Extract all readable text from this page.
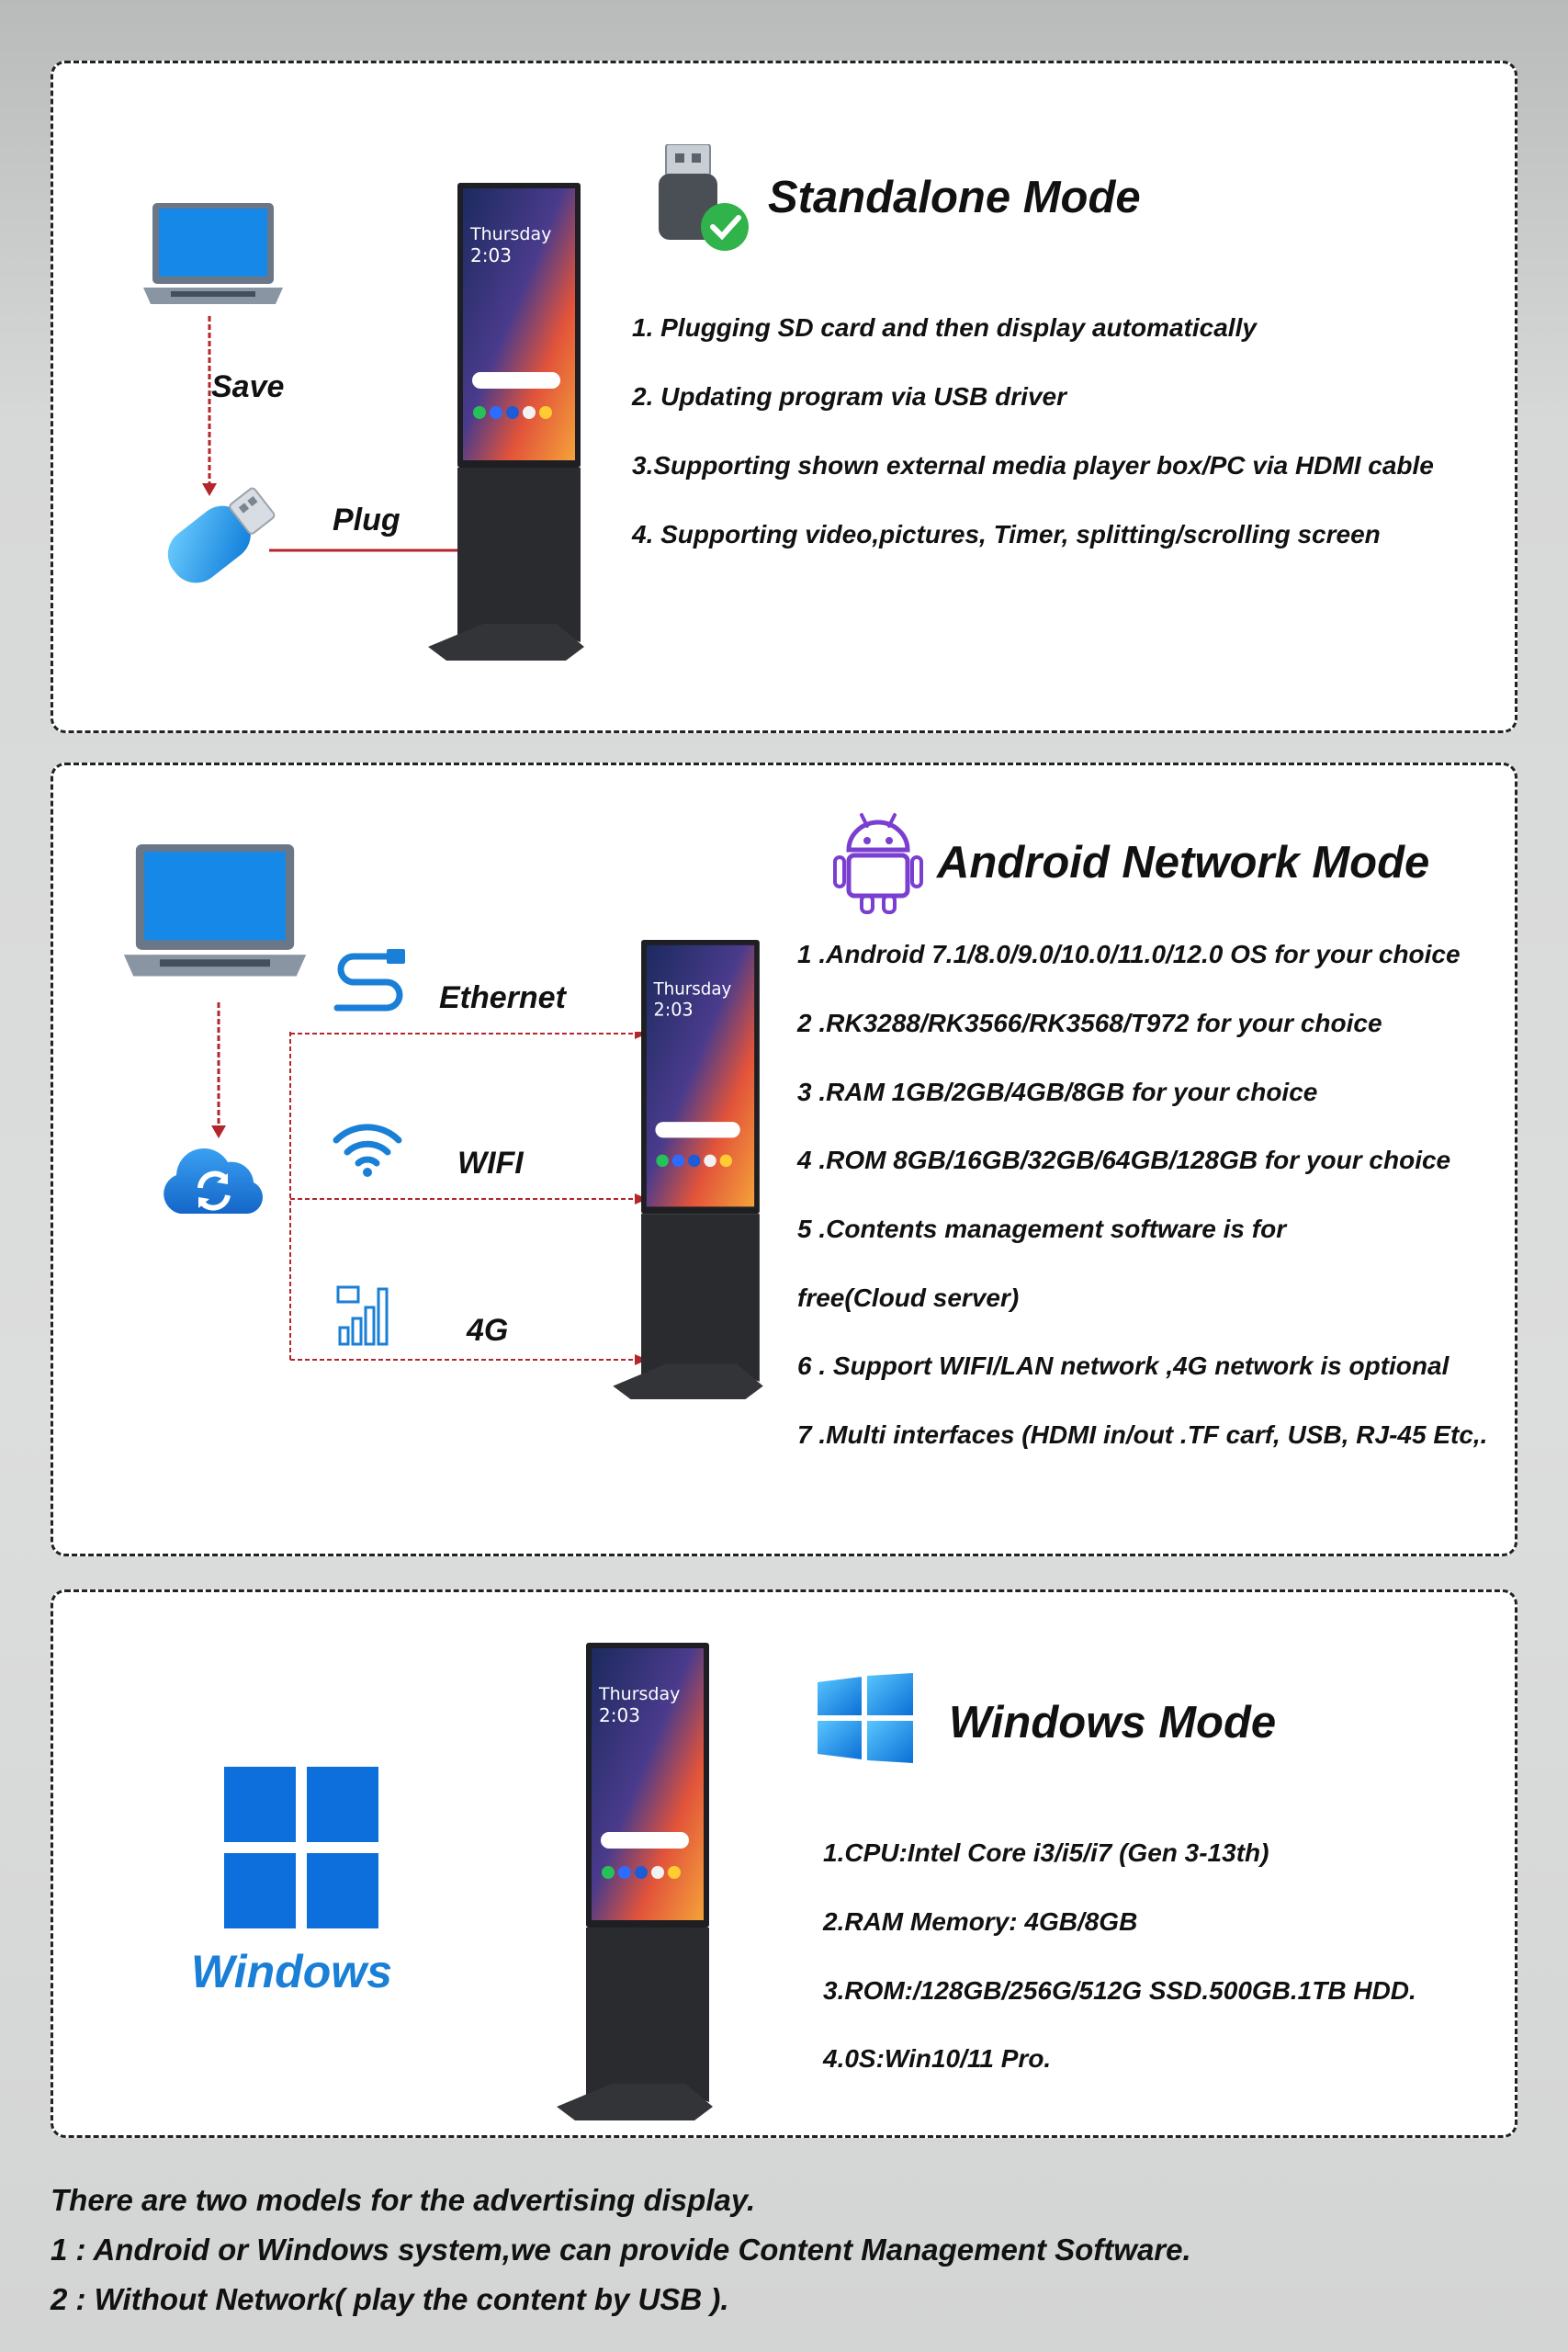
Save
Plug
Thursday
2:03
Standalone Mode

1. Plugging SD card and then display automatically

2. Updating program via USB driver

3.Supporting shown external media player box/PC via HDMI cable

4. Supporting video,pictures, Timer, splitting/scrolling screen

Ethernet
WIFI
4G
Thursday
2:03
Android Network Mode

1 .Android 7.1/8.0/9.0/10.0/11.0/12.0 OS for your choice

2 .RK3288/RK3566/RK3568/T972 for your choice

3 .RAM 1GB/2GB/4GB/8GB for your choice

4 .ROM 8GB/16GB/32GB/64GB/128GB for your choice

5 .Contents management software is for

free(Cloud server)

6 . Support WIFI/LAN network ,4G network is optional

7 .Multi interfaces (HDMI in/out .TF carf, USB, RJ-45 Etc,.

Windows
Thursday
2:03	Windows Mode

1.CPU:Intel Core i3/i5/i7 (Gen 3-13th)

2.RAM Memory: 4GB/8GB

3.ROM:/128GB/256G/512G SSD.500GB.1TB HDD.

4.0S:Win10/11 Pro.

There are two models for the advertising display.
1 : Android or Windows system,we can provide Content Management Software.
2 : Without Network( play the content by USB ).
